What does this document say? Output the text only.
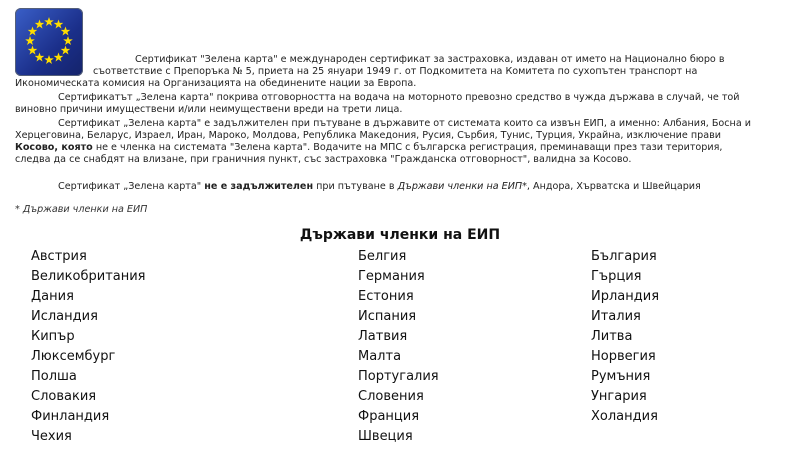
Сертификат "Зелена карта" е международен сертификат за застраховка, издаван от името на Национално бюро в
съответствие с Препоръка № 5, приета на 25 януари 1949 г. от Подкомитета на Комитета по сухопътен транспорт на
Икономическата комисия на Организацията на обединените нации за Европа.
Сертификатът „Зелена карта" покрива отговорността на водача на моторното превозно средство в чужда държава в случай, че той
виновно причини имуществени и/или неимуществени вреди на трети лица.
Сертификат „Зелена карта" е задължителен при пътуване в държавите от системата които са извън ЕИП, а именно: Албания, Босна и
Херцеговина, Беларус, Израел, Иран, Мароко, Молдова, Република Македония, Русия, Сърбия, Тунис, Турция, Украйна, изключение прави
Косово, която не е членка на системата "Зелена карта". Водачите на МПС с българска регистрация, преминаващи през тази територия,
следва да се снабдят на влизане, при граничния пункт, със застраховка "Гражданска отговорност", валидна за Косово.
Сертификат „Зелена карта" не е задължителен при пътуване в Държави членки на ЕИП*, Андора, Хърватска и Швейцария
* Държави членки на ЕИП
Държави членки на ЕИП
Австрия
Великобритания
Дания
Исландия
Кипър
Люксембург
Полша
Словакия
Финландия
Чехия
Белгия
Германия
Естония
Испания
Латвия
Малта
Португалия
Словения
Франция
Швеция
България
Гърция
Ирландия
Италия
Литва
Норвегия
Румъния
Унгария
Холандия
